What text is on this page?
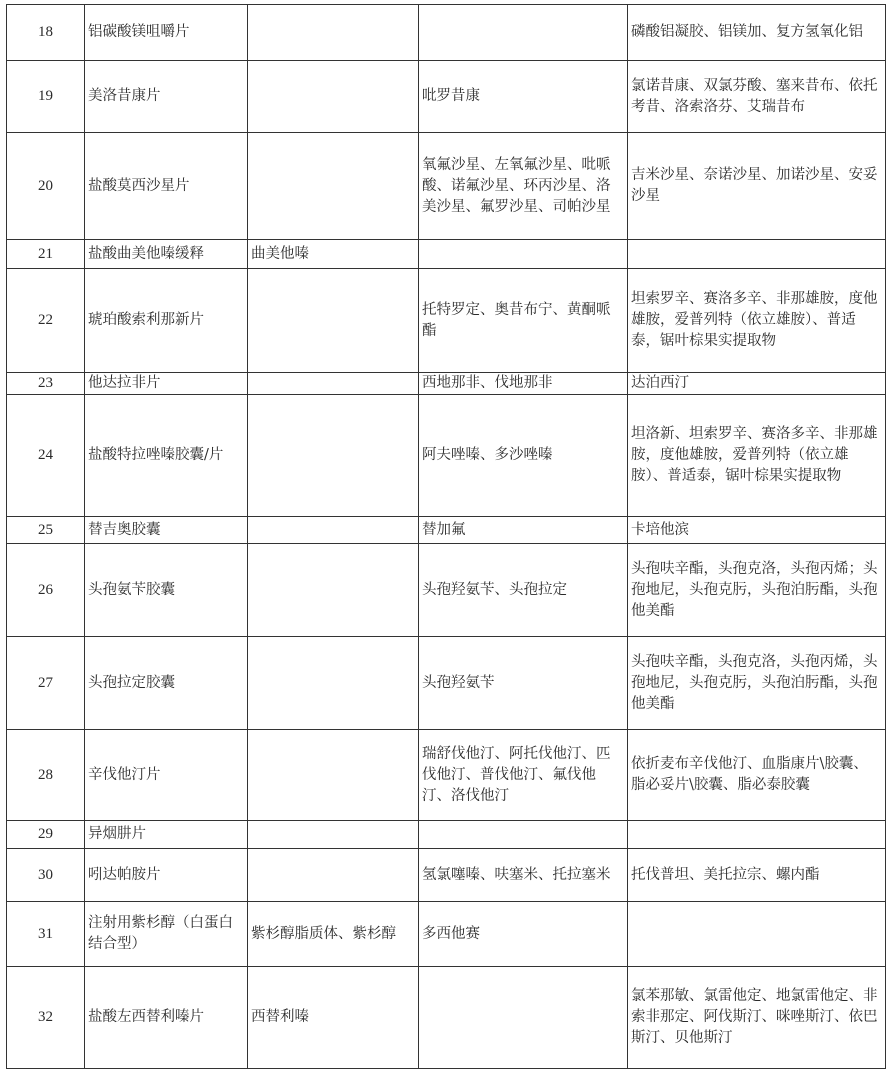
18	铝碳酸镁咀嚼片			磷酸铝凝胶、铝镁加、复方氢氧化铝
19	美洛昔康片		吡罗昔康	氯诺昔康、双氯芬酸、塞来昔布、依托考昔、洛索洛芬、艾瑞昔布
20	盐酸莫西沙星片		氧氟沙星、左氧氟沙星、吡哌酸、诺氟沙星、环丙沙星、洛美沙星、氟罗沙星、司帕沙星	吉米沙星、奈诺沙星、加诺沙星、安妥沙星
21	盐酸曲美他嗪缓释	曲美他嗪		
22	琥珀酸索利那新片		托特罗定、奥昔布宁、黄酮哌酯	坦索罗辛、赛洛多辛、非那雄胺，度他雄胺，爱普列特（依立雄胺）、普适泰，锯叶棕果实提取物
23	他达拉非片		西地那非、伐地那非	达泊西汀
24	盐酸特拉唑嗪胶囊/片		阿夫唑嗪、多沙唑嗪	坦洛新、坦索罗辛、赛洛多辛、非那雄胺，度他雄胺，爱普列特（依立雄胺）、普适泰，锯叶棕果实提取物
25	替吉奥胶囊		替加氟	卡培他滨
26	头孢氨苄胶囊		头孢羟氨苄、头孢拉定	头孢呋辛酯，头孢克洛，头孢丙烯；头孢地尼，头孢克肟，头孢泊肟酯，头孢他美酯
27	头孢拉定胶囊		头孢羟氨苄	头孢呋辛酯，头孢克洛，头孢丙烯，头孢地尼，头孢克肟，头孢泊肟酯，头孢他美酯
28	辛伐他汀片		瑞舒伐他汀、阿托伐他汀、匹伐他汀、普伐他汀、氟伐他汀、洛伐他汀	依折麦布辛伐他汀、血脂康片\胶囊、脂必妥片\胶囊、脂必泰胶囊
29	异烟肼片			
30	吲达帕胺片		氢氯噻嗪、呋塞米、托拉塞米	托伐普坦、美托拉宗、螺内酯
31	注射用紫杉醇（白蛋白结合型）	紫杉醇脂质体、紫杉醇	多西他赛	
32	盐酸左西替利嗪片	西替利嗪		氯苯那敏、氯雷他定、地氯雷他定、非索非那定、阿伐斯汀、咪唑斯汀、依巴斯汀、贝他斯汀
